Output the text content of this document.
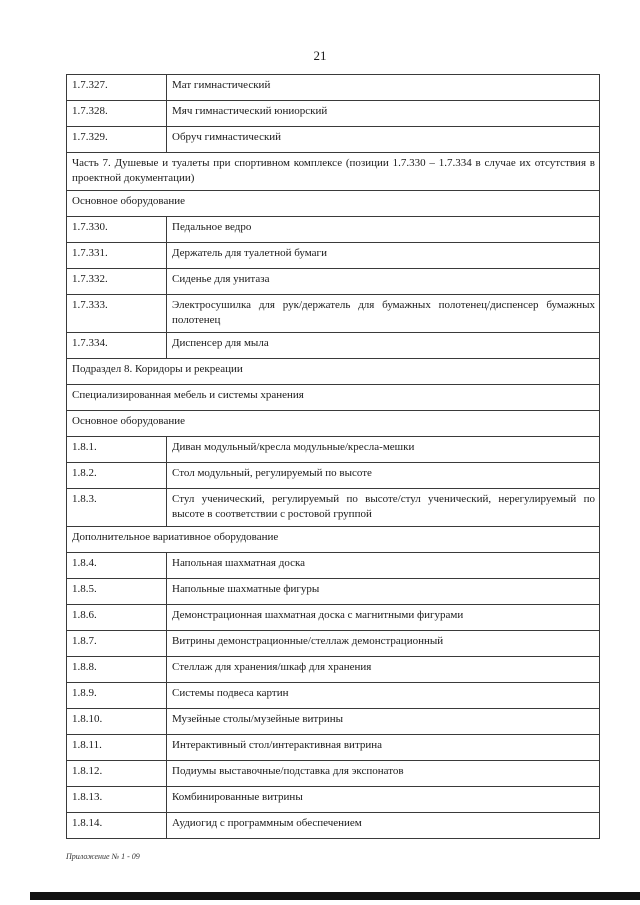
21
1.7.327.	Мат гимнастический
1.7.328.	Мяч гимнастический юниорский
1.7.329.	Обруч гимнастический
Часть 7. Душевые и туалеты при спортивном комплексе (позиции 1.7.330 – 1.7.334 в случае их отсутствия в проектной документации)	
Основное оборудование	
1.7.330.	Педальное ведро
1.7.331.	Держатель для туалетной бумаги
1.7.332.	Сиденье для унитаза
1.7.333.	Электросушилка для рук/держатель для бумажных полотенец/диспенсер бумажных полотенец
1.7.334.	Диспенсер для мыла
Подраздел 8. Коридоры и рекреации	
Специализированная мебель и системы хранения	
Основное оборудование	
1.8.1.	Диван модульный/кресла модульные/кресла-мешки
1.8.2.	Стол модульный, регулируемый по высоте
1.8.3.	Стул ученический, регулируемый по высоте/стул ученический, нерегулируемый по высоте в соответствии с ростовой группой
Дополнительное вариативное оборудование	
1.8.4.	Напольная шахматная доска
1.8.5.	Напольные шахматные фигуры
1.8.6.	Демонстрационная шахматная доска с магнитными фигурами
1.8.7.	Витрины демонстрационные/стеллаж демонстрационный
1.8.8.	Стеллаж для хранения/шкаф для хранения
1.8.9.	Системы подвеса картин
1.8.10.	Музейные столы/музейные витрины
1.8.11.	Интерактивный стол/интерактивная витрина
1.8.12.	Подиумы выставочные/подставка для экспонатов
1.8.13.	Комбинированные витрины
1.8.14.	Аудиогид с программным обеспечением
Приложение № 1 - 09
